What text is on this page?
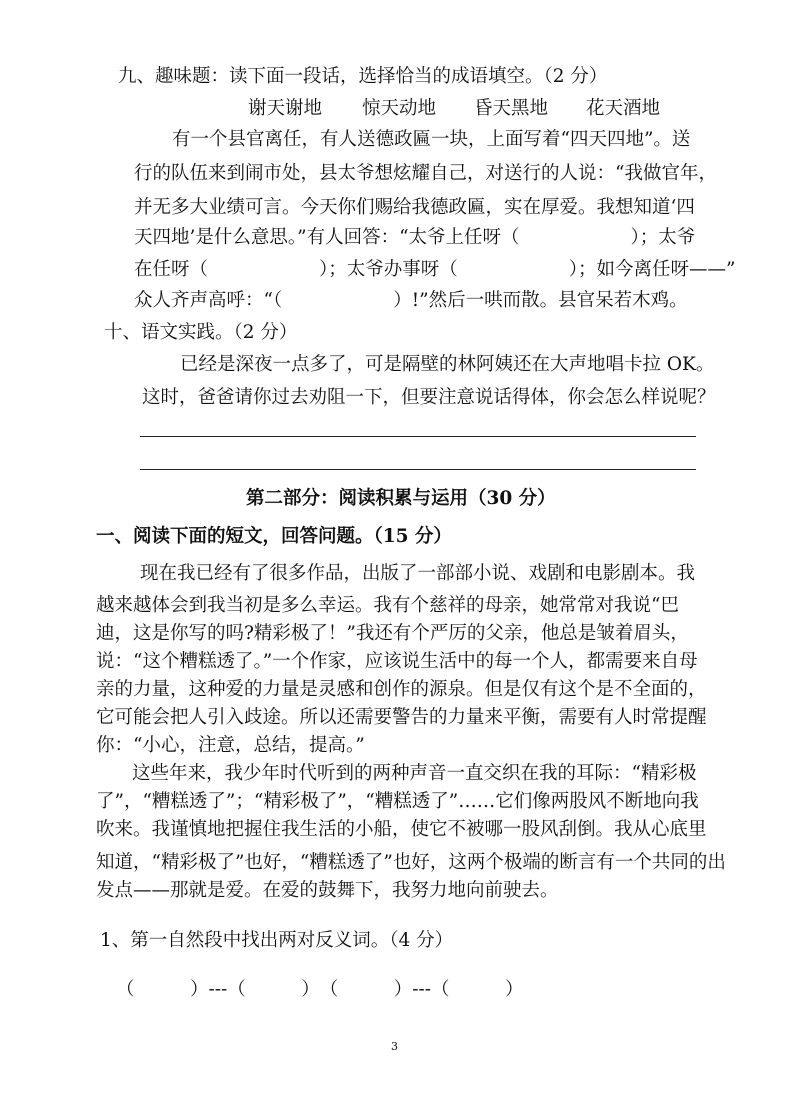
九、趣味题：读下面一段话，选择恰当的成语填空。（2 分）
谢天谢地 惊天动地 昏天黑地 花天酒地
有一个县官离任，有人送德政匾一块，上面写着“四天四地”。送
行的队伍来到闹市处，县太爷想炫耀自己，对送行的人说：“我做官年，
并无多大业绩可言。今天你们赐给我德政匾，实在厚爱。我想知道‘四
天四地’是什么意思。”有人回答：“太爷上任呀（　　　　　　）；太爷
在任呀（　　　　　　）；太爷办事呀（　　　　　　）；如今离任呀——”
众人齐声高呼：“（　　　　　　）!”然后一哄而散。县官呆若木鸡。
十、语文实践。（2 分）
已经是深夜一点多了，可是隔壁的林阿姨还在大声地唱卡拉 OK。
这时，爸爸请你过去劝阻一下，但要注意说话得体，你会怎么样说呢？
第二部分：阅读积累与运用（30 分）
一、阅读下面的短文，回答问题。（15 分）
现在我已经有了很多作品，出版了一部部小说、戏剧和电影剧本。我
越来越体会到我当初是多么幸运。我有个慈祥的母亲，她常常对我说“巴
迪，这是你写的吗?精彩极了！”我还有个严厉的父亲，他总是皱着眉头，
说：“这个糟糕透了。”一个作家，应该说生活中的每一个人，都需要来自母
亲的力量，这种爱的力量是灵感和创作的源泉。但是仅有这个是不全面的，
它可能会把人引入歧途。所以还需要警告的力量来平衡，需要有人时常提醒
你：“小心，注意，总结，提高。”
这些年来，我少年时代听到的两种声音一直交织在我的耳际：“精彩极
了”，“糟糕透了”；“精彩极了”，“糟糕透了”……它们像两股风不断地向我
吹来。我谨慎地把握住我生活的小船，使它不被哪一股风刮倒。我从心底里
知道，“精彩极了”也好，“糟糕透了”也好，这两个极端的断言有一个共同的出
发点——那就是爱。在爱的鼓舞下，我努力地向前驶去。
1、第一自然段中找出两对反义词。（4 分）
（　　　）---（　　　）　（　　　）---（　　　）
3
